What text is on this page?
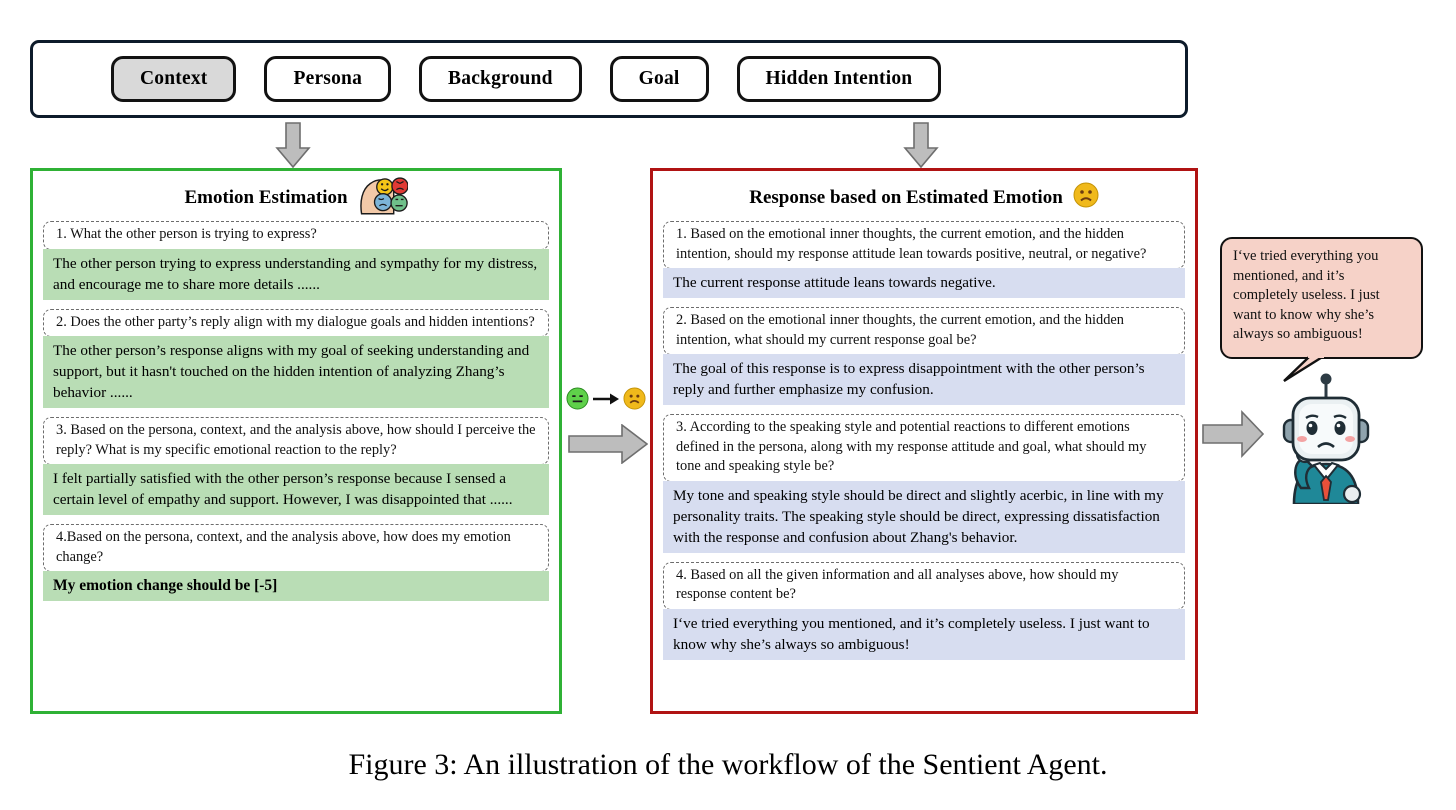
Context	Persona	Background	Goal	Hidden Intention
Emotion Estimation
1. What the other person is trying to express?
The other person trying to express understanding and sympathy for my distress, and encourage me to share more details ......
2. Does the other party’s reply align with my dialogue goals and hidden intentions?
The other person’s response aligns with my goal of seeking understanding and support, but it hasn't touched on the hidden intention of analyzing Zhang’s behavior ......
3. Based on the persona, context, and the analysis above, how should I perceive the reply? What is my specific emotional reaction to the reply?
I felt partially satisfied with the other person’s response because I sensed a certain level of empathy and support. However, I was disappointed that ......
4.Based on the persona, context, and the analysis above, how does my emotion change?
My emotion change should be [-5]
Response based on Estimated Emotion
1. Based on the emotional inner thoughts, the current emotion, and the hidden intention, should my response attitude lean towards positive, neutral, or negative?
The current response attitude leans towards negative.
2. Based on the emotional inner thoughts, the current emotion, and the hidden intention, what should my current response goal be?
The goal of this response is to express disappointment with the other person’s reply and further emphasize my confusion.
3. According to the speaking style and potential reactions to different emotions defined in the persona, along with my response attitude and goal, what should my tone and speaking style be?
My tone and speaking style should be direct and slightly acerbic, in line with my personality traits. The speaking style should be direct, expressing dissatisfaction with the response and confusion about Zhang's behavior.
4. Based on all the given information and all analyses above, how should my response content be?
I‘ve tried everything you mentioned, and it’s completely useless. I just want to know why she’s always so ambiguous!
I‘ve tried everything you mentioned, and it’s completely useless. I just want to know why she’s always so ambiguous!
Figure 3: An illustration of the workflow of the Sentient Agent.
